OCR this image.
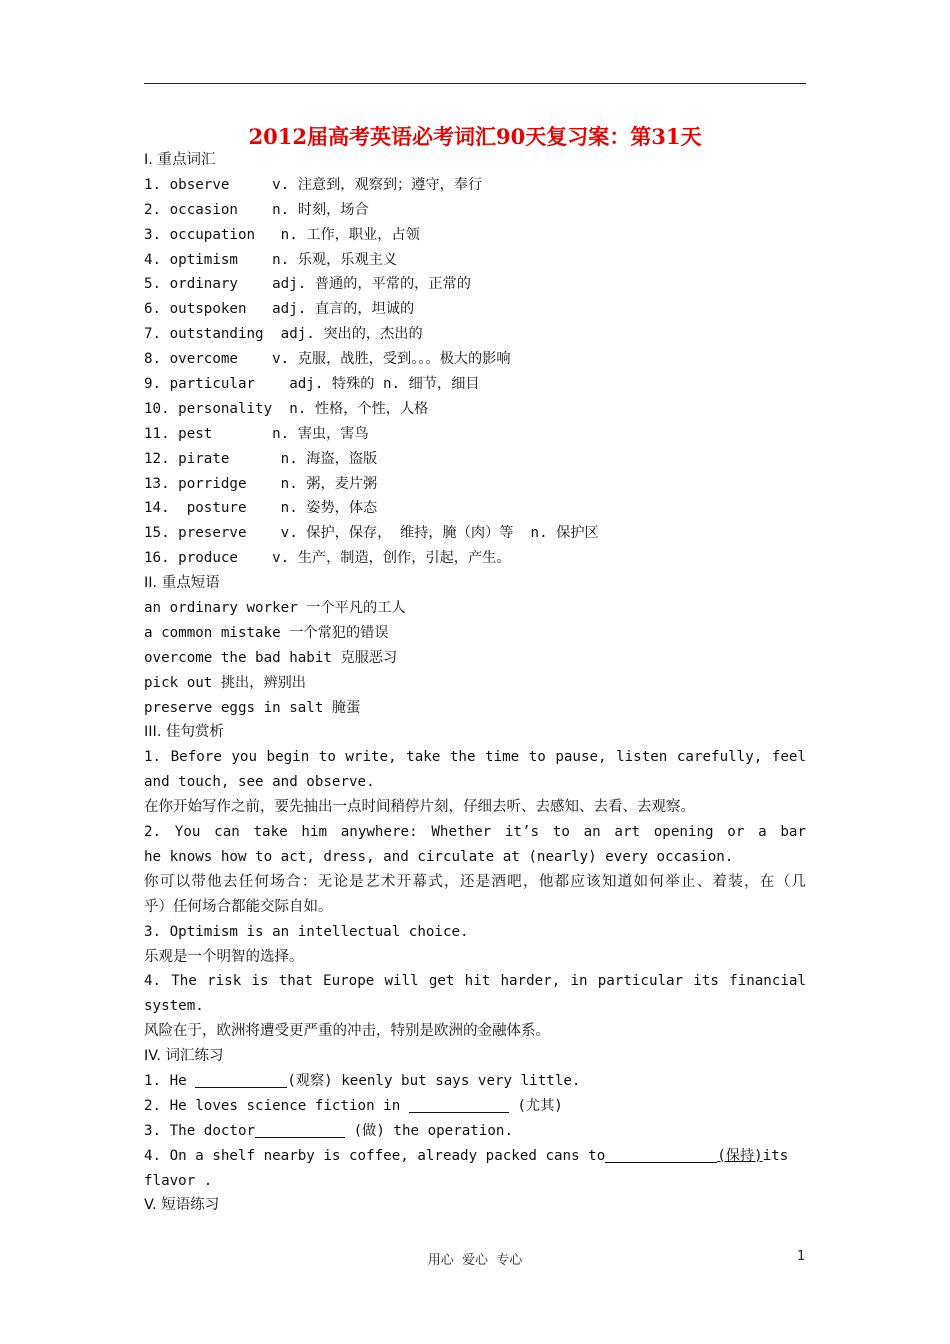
2012届高考英语必考词汇90天复习案：第31天
I. 重点词汇
1. observe     v. 注意到，观察到；遵守，奉行
2. occasion    n. 时刻，场合
3. occupation   n. 工作，职业，占领
4. optimism    n. 乐观，乐观主义
5. ordinary    adj. 普通的，平常的，正常的
6. outspoken   adj. 直言的，坦诚的
7. outstanding  adj. 突出的，杰出的
8. overcome    v. 克服，战胜，受到。。。极大的影响
9. particular    adj. 特殊的 n. 细节，细目
10. personality  n. 性格，个性，人格
11. pest       n. 害虫，害鸟
12. pirate      n. 海盗，盗版
13. porridge    n. 粥，麦片粥
14.  posture    n. 姿势，体态
15. preserve    v. 保护，保存， 维持，腌（肉）等  n. 保护区
16. produce    v. 生产，制造，创作，引起，产生。
II. 重点短语
an ordinary worker 一个平凡的工人
a common mistake 一个常犯的错误
overcome the bad habit 克服恶习
pick out 挑出，辨别出
preserve eggs in salt 腌蛋
III. 佳句赏析
1. Before you begin to write, take the time to pause, listen carefully, feel
and touch, see and observe.
在你开始写作之前，要先抽出一点时间稍停片刻，仔细去听、去感知、去看、去观察。
2. You can take him anywhere: Whether it’s to an art opening or a bar
he knows how to act, dress, and circulate at (nearly) every occasion.
你可以带他去任何场合：无论是艺术开幕式，还是酒吧，他都应该知道如何举止、着装，在（几
乎）任何场合都能交际自如。
3. Optimism is an intellectual choice.
乐观是一个明智的选择。
4. The risk is that Europe will get hit harder, in particular its financial
system.
风险在于，欧洲将遭受更严重的冲击，特别是欧洲的金融体系。
IV. 词汇练习
1. He	(观察) keenly but says very little.
2. He loves science fiction in	(尤其)
3. The doctor	(做) the operation.
4. On a shelf nearby is coffee, already packed cans to	(保持)its
flavor .
V. 短语练习
用心  爱心  专心	1
